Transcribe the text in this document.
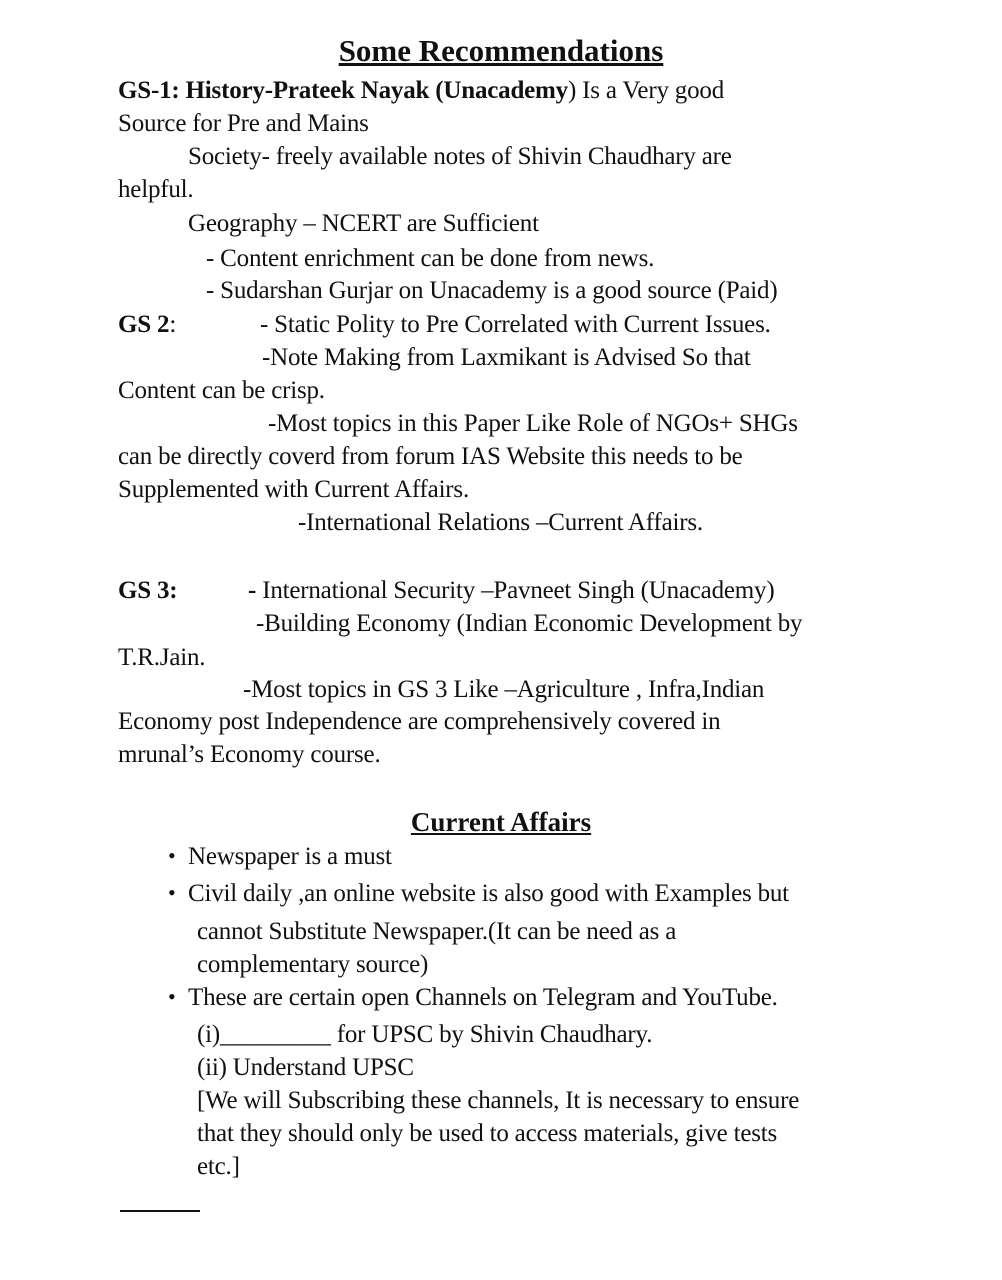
Some Recommendations
GS-1: History-Prateek Nayak (Unacademy) Is a Very good
Source for Pre and Mains
Society- freely available notes of Shivin Chaudhary are
helpful.
Geography – NCERT are Sufficient
- Content enrichment can be done from news.
- Sudarshan Gurjar on Unacademy is a good source (Paid)
GS 2:	- Static Polity to Pre Correlated with Current Issues.
-Note Making from Laxmikant is Advised So that
Content can be crisp.
-Most topics in this Paper Like Role of NGOs+ SHGs
can be directly coverd from forum IAS Website this needs to be
Supplemented with Current Affairs.
-International Relations –Current Affairs.
GS 3:	- International Security –Pavneet Singh (Unacademy)
-Building Economy (Indian Economic Development by
T.R.Jain.
-Most topics in GS 3 Like –Agriculture , Infra,Indian
Economy post Independence are comprehensively covered in
mrunal’s Economy course.
Current Affairs
• Newspaper is a must
• Civil daily ,an online website is also good with Examples but
cannot Substitute Newspaper.(It can be need as a
complementary source)
• These are certain open Channels on Telegram and YouTube.
(i)_________ for UPSC by Shivin Chaudhary.
(ii) Understand UPSC
[We will Subscribing these channels, It is necessary to ensure
that they should only be used to access materials, give tests
etc.]
